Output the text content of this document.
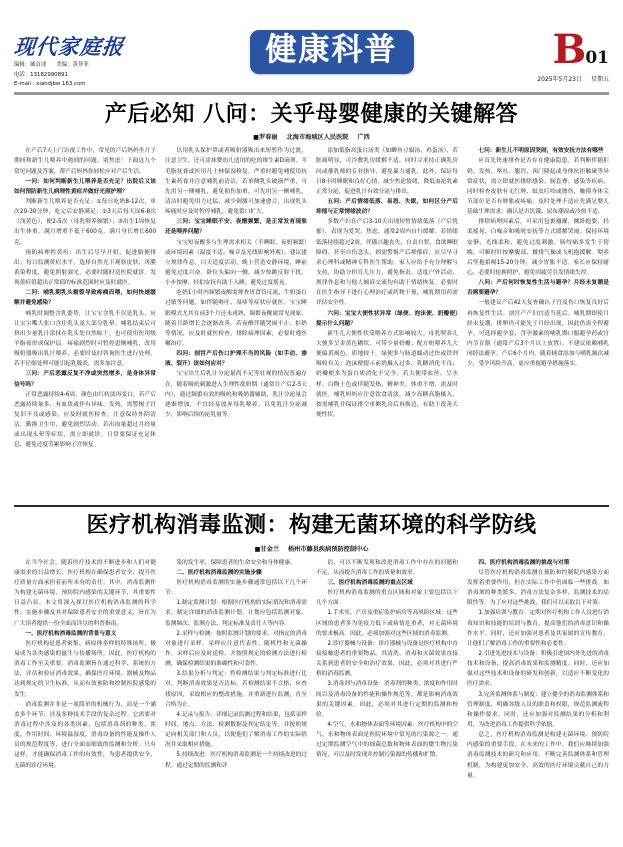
现代家庭报
编辑：臧首成 美编：黄菲菲
电话：13182990891
E-mail : xiandjbw 163.com
健康科普	B01
2025年5月23日 星期五
产后必知 八问：关乎母婴健康的关键解答
■罗春丽 北海市海城区人民医院 广西

在产后7天上门访视工作中，常见的产后妈妈坐月子期间和新生儿喂养中遇到的问题，别焦虑！下面这九个常见问题及答案，帮产后妈妈你轻松应对产后生活。

一问：如何判断新生儿喂养是否充足？出院后又该如何预防新生儿病理性黄疸并做好光照护理？

判断新生儿喂养是否充足：①每日吃奶8-12次，单次20-30分钟，吃完后安静满足；②3天后每天尿6-8次（浅黄色），便2-5次（母乳喂养频繁）；③出生1周恢复出生体重，满月增重不低于600克，满月身长增长600克。

预防病理性黄疸：出生后尽早开奶，促进胎便排出；每日监测黄疸水平，选择自然光下观察皮肤、巩膜黄染程度，避免照射强光，必要时随时送医院就诊。发现黄疸值超出正常值的标准范围时应及时就医。

二问：哺乳期乳头皲裂导致疼痛而喂，如何快速缓解并避免感染？

哺乳时调整含乳姿势，让宝宝含乳不仅是乳头，应让宝宝嘴大张口含住乳头及大部分乳晕。哺乳结束后可挤出少量乳汁涂抹在乳头处自然晾干，也可使用医用级羊脂膏形成保护层。疼痛剧烈时可暂停患侧哺乳，改用吸奶器吸出乳汁喂养，必要时及时咨询医生进行处理。若不仔细处理可能引起乳腺炎，需多加注意。

三问：产后恶露反复不净或突然增多，是身体异常信号吗？

正常恶露持续4-6周，颜色由红转淡再变白。若产后恶露持续量多、有血块或伴有异味、发热，需警惕子宫复旧不良或感染，应及时就医检查。注意保持外阴清洁，勤换卫生巾，避免剧烈活动。若出血量超过月经量或出现头晕等症状，需立即就诊。日常要保证充足休息，避免过度劳累影响子宫恢复。

以用乳头保护罩或者吸奶器吸出来短暂作为过渡，注意卫生。还可涂抹婴幼儿适用的吃的维生素D滴剂、羊毛脂抚膏或医用凡士林保湿修复，严重时避免哺使用抗生素药膏并注意哺乳前清洁。若单侧乳头破损严重，可先用另一侧哺乳，避免损伤加重，可先用另一侧哺乳，清洁时避免用力过猛，减少刺激可加速愈合，出现乳头疼痛时应及时暂停哺乳，避免裂口扩大。

三问：宝宝睡眠不安、夜醒频繁，是正常发育现象还是喂养问题？

宝宝短夜醒多与生理需求相关（半睡眠、夜奶频繁）或环境因素（温度不适、噪音及光线影响外观）。建议建立规律作息，白天适度活动，晚上营造安静环境，睡前避免过度兴奋。卧位头偏向一侧，减少惊跳反射干扰。小步按摩、轻拍安抚有助于入睡，避免过度摇晃。

吃奶1小时内频繁夜醒需排查胃食管反流、牛奶蛋白过敏等问题，如伴随呕吐、湿疹等症状应就医。宝宝睡眠模式尤其在前3个月还未成熟，频繁夜醒属常见现象，随着月龄增长会逐渐改善。若夜醒伴随哭闹不止、拒奶等情况，应及时就医检查，排除病理因素，必要时遵医嘱治疗。

四问：剖宫产后伤口护理不当的风险（如手动、渗液、裂开）该如何应对？

宝宝出生后乳汁分泌量尚不足等壮观的情况普遍存在，随着吸吮刺激进入生理性涨奶期（通常在产后2-5天内），通过频繁有效的吸吮和吸奶器辅助，乳汁分泌量会逐渐增加，不宜轻易放弃母乳喂养，以免乳汁分泌减少，影响后续的泌乳量等。

添加低脂高蛋白汤类（如鲫鱼豆腐汤、鸡蛋汤），若胀痛明显，可冷敷乳房缓解不适。同时寻求持正确乳房问或催乳师的专业指导，避免暴力通乳。此外，保证每日8小时睡眠和良好心情，减少焦虑情绪，降低血泌乳素正常分泌，促进乳汁有效分泌与排出。

五问：产后情绪低落、易怒、失眠，如何区分产后抑郁与正常情绪波动？

多数产妇在产后3-10天出现短暂情绪低落（产后忧郁），表现为爱哭、焦虑，通常2周内自行缓解。若情绪低落持续超过2周，伴随兴趣丧失、自责自罪、食欲睡眠障碍、甚至自伤念头，则需警惕产后抑郁症，应尽早寻求心理科或精神专科医生帮助。家人应给予充分理解与支持，协助分担育儿压力，避免指责。适度户外活动、规律作息和与他人倾诉交流均有助于情绪恢复。必要时在医生指导下进行心理治疗或药物干预，哺乳期用药需评估安全性。

六问：宝宝大便性状异常（绿便、泡沫便、奶瓣便）提示什么问题？

新生儿大便性状受喂养方式影响较大。母乳喂养儿大便多呈金黄色糊状，可带少量奶瓣；配方奶喂养儿大便偏黄褐色、质地较干。绿便多与肠道蠕动过快或铁剂吸收有关；泡沫便提示前奶摄入过多、乳糖消化不良；奶瓣便多为蛋白质消化不完全。若大便带血丝、呈水样、白陶土色或伴随发热、精神差、体重不增，需及时就医。哺乳妈妈应注意饮食清淡，减少高糖高脂摄入，按需哺乳并保证排空单侧乳房后再换边，有助于改善大便性状。

七问：新生儿不明原因哭闹，有效安抚方法有哪些

应首先快速排查是否存在健康隐患。若判断伴随拒奶、发热、呕吐、腹泻、囟门隆起或身体抗拒触碰等异常症状，需立即就医排除感染、肠套叠、感染等疾病，同时检查皮肤有无红肿、蚊虫叮咬或擦伤，触摸身体关节部位是否有肿胀或疼痛。及时处理不适应先满足婴儿基础生理需求，确认是否饥饿、尿布潮湿或冷热不适。

排除病理因素后，可采用包裹襁褓、侧卧抱姿、轻柔摇晃、白噪音和吸吮安抚等方式缓解哭闹。保持环境安静、光线柔和，避免过度刺激。肠绞痛多发生于傍晚，可顺时针按摩腹部、做排气操或飞机抱缓解。喂养后竖抱拍嗝15-20分钟，减少胃胀不适。家长应保持耐心，必要时轮换照护，避免因疲劳引发情绪失控。

八问：产后何时恢复性生活与避孕？月经未复潮是否需要避孕？

一般建议产后42天复查确认子宫及伤口恢复良好后再恢复性生活。剖宫产产妇宜适当延后。哺乳期即使月经未复潮，排卵仍可能先于月经出现，因此仍需全程避孕。可选择避孕套、含孕激素的哺乳期口服避孕药或宫内节育器（通常产后3个月以上放置）。不建议依赖哺乳闭经法避孕。产后6个月内，随着辅食添加与哺乳频次减少，受孕风险升高，更应重视避孕措施落实。

医疗机构消毒监测：构建无菌环境的科学防线
■甘金兰 梧州市藤县疾病预防控制中心

在当今社会，随着医疗技术的不断进步和人们对健康需求的日益增长，医疗机构在确保患者安全、提升医疗质量方面承担着前所未有的责任。其中，消毒监测作为构建无菌环境、预防院内感染的关键环节，其重要性日益凸显。本文将深入探讨医疗机构消毒监测的科学性、实施步骤及其对保障患者安全的重要意义，旨在为广大读者提供一份全面而详尽的科普指南。

一、医疗机构消毒监测的背景与意义

医疗机构是患者密集、病原体多样的特殊场所，极易成为各类感染的滋生与传播场所。因此，医疗机构的消毒工作至关重要。消毒监测旨在通过科学、系统的方法，评估和验证消毒效果，确保医疗环境、器械及物品达到规定的卫生标准，从而有效预防和控制医院感染的发生。

消毒监测并非是一项简单的机械行为，而是一个涵盖多个环节、涉及多种技术手段的复杂过程。它需要对消毒过程中涉及的各类因素，包括消毒剂的种类、浓度、作用时间、环境温湿度、消毒设备的性能及操作人员的规范程度等，进行全面而细致的监测和分析。只有这样，才能确保消毒工作的有效性，为患者提供安全、无菌的诊疗环境。

染的发生率，保障患者的生命安全和身体健康。

二、医疗机构消毒监测的实施步骤

医疗机构消毒监测的实施步骤通常包括以下几个环节：

1.制定监测计划：根据医疗机构的实际情况和消毒需求，制定详细的消毒监测计划。计划应包括监测对象、监测频次、监测方法、判定标准及责任人等内容。

2.采样与检测：按照监测计划的要求，对指定的消毒对象进行采样。采样应注意代表性、随机性和无菌操作。采样后应及时送检，并按照规定的检测方法进行检测，确保检测结果的准确性和可靠性。

3.结果分析与判定：将检测结果与判定标准进行比对，判断消毒效果是否达标。若检测结果不合格，应查找原因，采取相应的整改措施，并重新进行监测，直至合格为止。

4.记录与报告：详细记录监测过程和结果，包括采样时间、地点、方法、检测数据及判定结论等。并按照规定向相关部门和人员，以便他们了解消毒工作的实际情况并采取相应措施。

5.持续改进：医疗机构消毒监测是一个持续改进的过程。通过定期的监测和评

估，可以不断发现和改进消毒工作中存在的问题和不足，从而提升消毒工作的质量和效率。

三、医疗机构消毒监测的重点区域

医疗机构消毒监测的重点区域和对象主要包括以下几个方面：

1.手术室、产房及重症监护病房等高风险区域：这些区域的患者多为免疫力低下或病情危重者，对无菌环境的要求极高。因此，必须加强对这些区域的消毒监测。

2.诊疗器械与设备：诊疗器械与设备是医疗机构中直接接触患者的重要物品。其清洗、消毒和灭菌效果直接关系到患者的安全和治疗效果。因此，必须对其进行严格的消毒监测。

3.消毒剂与消毒设备：消毒剂的种类、浓度和作用时间以及消毒设备的性能和操作规范等，都是影响消毒效果的关键因素。因此，必须对其进行定期的监测和校验。

4.空气、水和物体表面等环境因素：医疗机构中的空气、水和物体表面是医院环境中常见的污染源之一。通过定期监测空气中的细菌总数和物体表面的微生物污染情况，可以及时发现并控制污染源的传播和扩散。

四、医疗机构消毒监测的挑战与对策

尽管医疗机构消毒监测在预防和控制院内感染方面发挥着重要作用，但在实际工作中仍面临一些挑战。如消毒剂的种类繁多、消毒方法复杂多样、监测技术的局限性等。为了应对这些挑战，我们可以采取以下对策：

1.加强培训与教育：定期对医疗机构工作人员进行消毒知识和技能的培训与教育，提高他们的消毒意识和操作水平。同时，还应加强对患者及其家属的宣传教育，让他们了解消毒工作的重要性和必要性。

2.引进先进技术与设备：积极引进国内外先进的消毒技术和设备，提高消毒效果和监测精度。同时，还应加强对这些技术和设备的研发和创新，以适应不断变化的医疗需求。

3.完善监测体系与制度：建立健全的消毒监测体系和管理制度，明确各级人员的职责和权限，规范监测流程和操作要求。同时，还应加强对监测结果的分析和利用，为改进消毒工作提供科学依据。

总之，医疗机构消毒监测是构建无菌环境、预防院内感染的重要手段。在未来的工作中，我们应继续加强消毒监测技术的研究和应用，不断完善监测体系和管理机制，为构建更加安全、高效的医疗环境贡献自己的力量。
